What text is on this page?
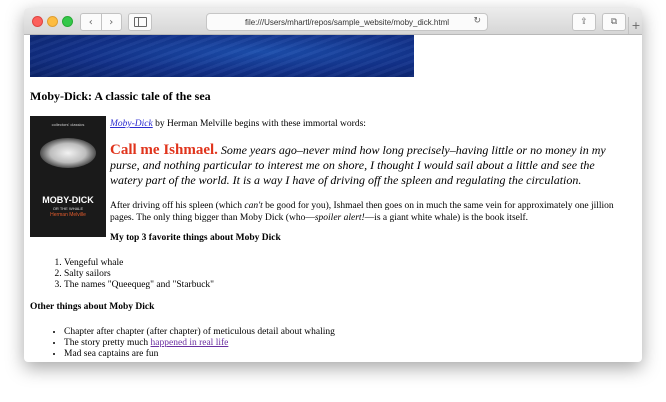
‹	›	file:///Users/mhartl/repos/sample_website/moby_dick.html	↻	⇪	⧉ +
Moby-Dick: A classic tale of the sea
collectors' classics
MOBY-DICK
OR THE WHALE
Herman Melville

Moby-Dick by Herman Melville begins with these immortal words:

Call me Ishmael. Some years ago–never mind how long precisely–having little or no money in my purse, and nothing particular to interest me on shore, I thought I would sail about a little and see the watery part of the world. It is a way I have of driving off the spleen and regulating the circulation.

After driving off his spleen (which can't be good for you), Ishmael then goes on in much the same vein for approximately one jillion pages. The only thing bigger than Moby Dick (who—spoiler alert!—is a giant white whale) is the book itself.

My top 3 favorite things about Moby Dick
1. Vengeful whale
2. Salty sailors
3. The names "Queequeg" and "Starbuck"
Other things about Moby Dick
• Chapter after chapter (after chapter) of meticulous detail about whaling
• The story pretty much happened in real life
• Mad sea captains are fun
